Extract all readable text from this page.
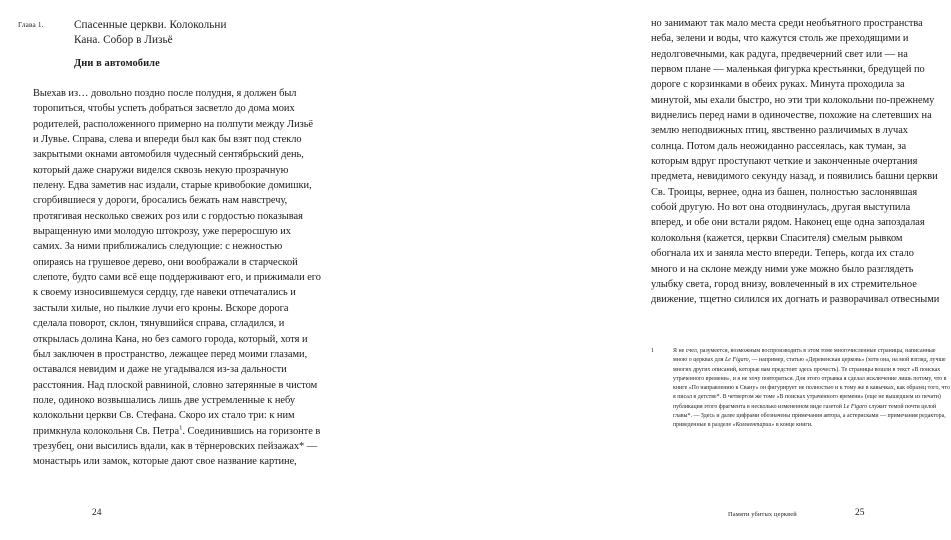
Глава 1.	Спасенные церкви. Колокольни
Кана. Собор в Лизьё
Дни в автомобиле

Выехав из… довольно поздно после полудня, я должен был торопиться, чтобы успеть добраться засветло до дома моих родителей, расположенного примерно на полпути между Лизьё и Лувье. Справа, слева и впереди был как бы взят под стекло закрытыми окнами автомобиля чудесный сентябрьский день, который даже снаружи виделся сквозь некую прозрачную пелену. Едва заметив нас издали, старые кривобокие домишки, сгорбившиеся у дороги, бросались бежать нам навстречу, протягивая несколько свежих роз или с гордостью показывая выращенную ими молодую штокрозу, уже переросшую их самих. За ними приближались следующие: с нежностью опираясь на грушевое дерево, они воображали в старческой слепоте, будто сами всё еще поддерживают его, и прижимали его к своему износившемуся сердцу, где навеки отпечатались и застыли хилые, но пылкие лучи его кроны. Вскоре дорога сделала поворот, склон, тянувшийся справа, сгладился, и открылась долина Кана, но без самого города, который, хотя и был заключен в пространство, лежащее перед моими глазами, оставался невидим и даже не угадывался из-за дальности расстояния. Над плоской равниной, словно затерянные в чистом поле, одиноко возвышались лишь две устремленные к небу колокольни церкви Св. Стефана. Скоро их стало три: к ним примкнула колокольня Св. Петра$^1$. Соединившись на горизонте в трезубец, они высились вдали, как в тёрнеровских пейзажах* — монастырь или замок, которые дают свое название картине,

24

но занимают так мало места среди необъятного пространства неба, зелени и воды, что кажутся столь же преходящими и недолговечными, как радуга, предвечерний свет или — на первом плане — маленькая фигурка крестьянки, бредущей по дороге с корзинками в обеих руках. Минута проходила за минутой, мы ехали быстро, но эти три колокольни по-прежнему виднелись перед нами в одиночестве, похожие на слетевших на землю неподвижных птиц, явственно различимых в лучах солнца. Потом даль неожиданно рассеялась, как туман, за которым вдруг проступают четкие и законченные очертания предмета, невидимого секунду назад, и появились башни церкви Св. Троицы, вернее, одна из башен, полностью заслонявшая собой другую. Но вот она отодвинулась, другая выступила вперед, и обе они встали рядом. Наконец еще одна запоздалая колокольня (кажется, церкви Спасителя) смелым рывком обогнала их и заняла место впереди. Теперь, когда их стало много и на склоне между ними уже можно было разглядеть улыбку света, город внизу, вовлеченный в их стремительное движение, тщетно силился их догнать и разворачивал отвесными

1	Я не счел, разумеется, возможным воспроизводить в этом томе многочисленные страницы, написанные мною о церквах для Le Figaro, — например, статью «Деревенская церковь» (хотя она, на мой взгляд, лучше многих других описаний, которые вам предстоит здесь прочесть). Те страницы вошли в текст «В поисках утраченного времени», и я не хочу повторяться. Для этого отрывка я сделал исключение лишь потому, что в книге «По направлению к Свану» он фигурирует не полностью и к тому же в кавычках, как образец того, что я писал в детстве*. В четвертом же томе «В поисках утраченного времени» (еще не вышедшем из печати) публикация этого фрагмента в несколько измененном виде газетой Le Figaro служит темой почти целой главы*. — Здесь и далее цифрами обозначены примечания автора, а астерисками — примечания редактора, приведенные в разделе «Комментарии» в конце книги.

Памяти убитых церквей	25
